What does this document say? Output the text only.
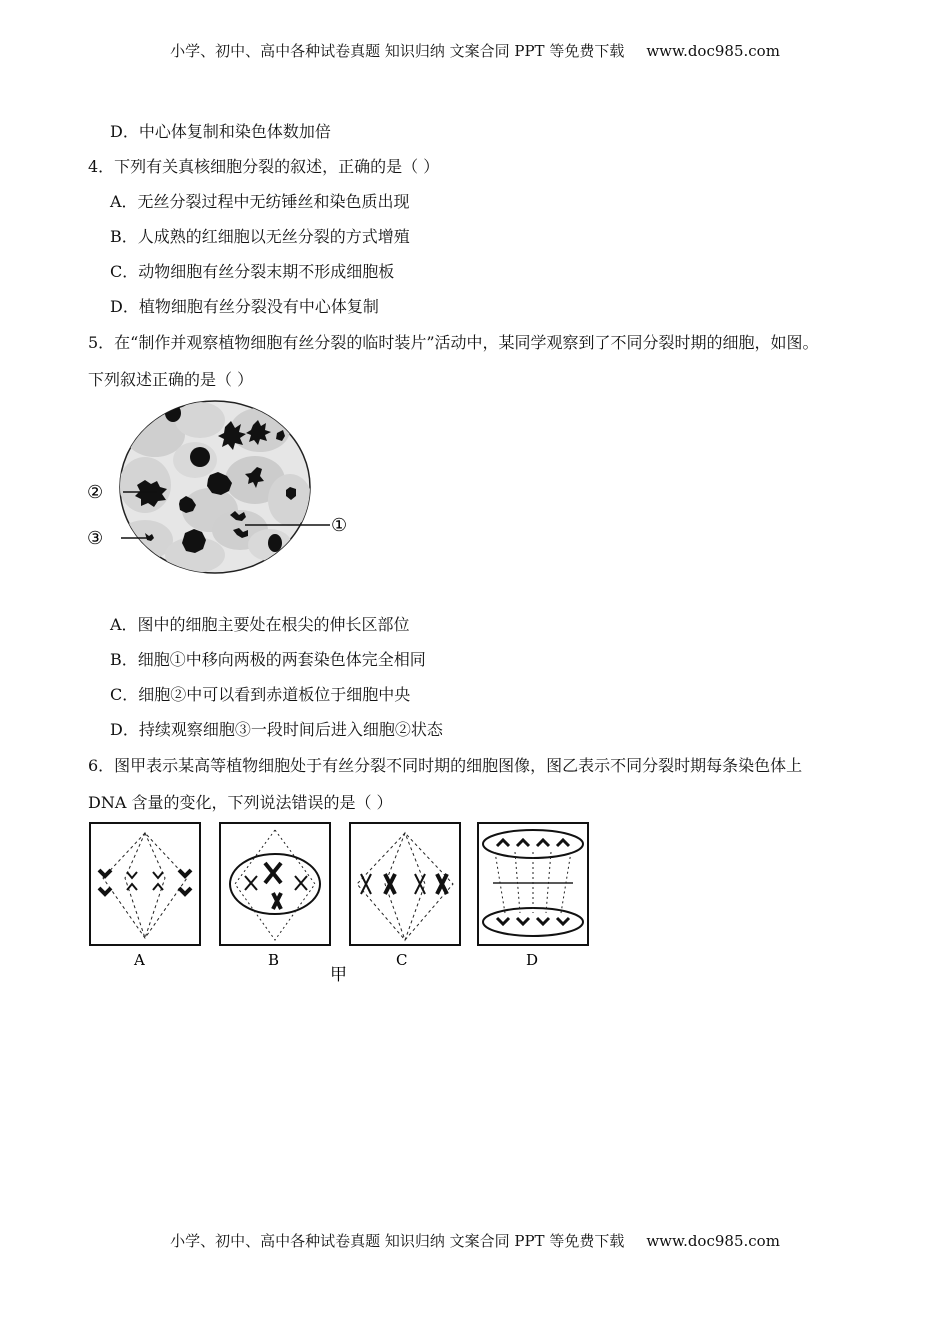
小学、初中、高中各种试卷真题 知识归纳 文案合同 PPT 等免费下载 www.doc985.com
D．中心体复制和染色体数加倍
4．下列有关真核细胞分裂的叙述，正确的是（ ）
A．无丝分裂过程中无纺锤丝和染色质出现
B．人成熟的红细胞以无丝分裂的方式增殖
C．动物细胞有丝分裂末期不形成细胞板
D．植物细胞有丝分裂没有中心体复制
5．在“制作并观察植物细胞有丝分裂的临时装片”活动中，某同学观察到了不同分裂时期的细胞，如图。
下列叙述正确的是（ ）
②
③
①
A．图中的细胞主要处在根尖的伸长区部位
B．细胞①中移向两极的两套染色体完全相同
C．细胞②中可以看到赤道板位于细胞中央
D．持续观察细胞③一段时间后进入细胞②状态
6．图甲表示某高等植物细胞处于有丝分裂不同时期的细胞图像，图乙表示不同分裂时期每条染色体上
DNA 含量的变化，下列说法错误的是（ ）
A	B	C	D
甲
小学、初中、高中各种试卷真题 知识归纳 文案合同 PPT 等免费下载 www.doc985.com
